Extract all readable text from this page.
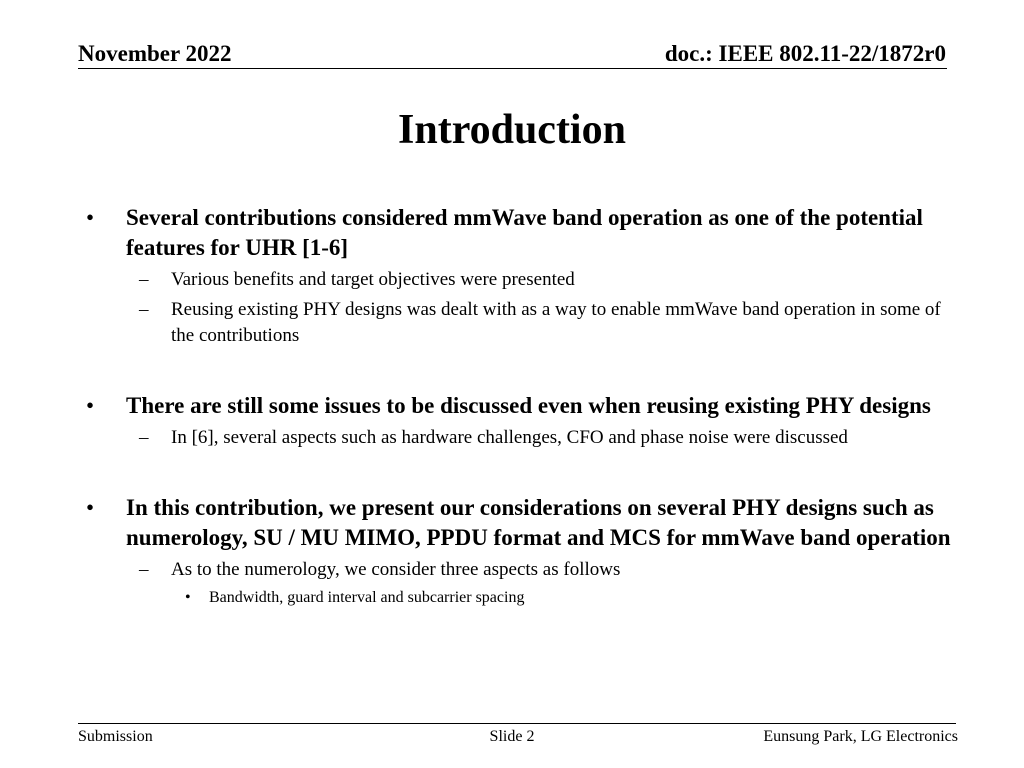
November 2022	doc.: IEEE 802.11-22/1872r0
Introduction
• Several contributions considered mmWave band operation as one of the potential features for UHR [1-6]
– Various benefits and target objectives were presented
– Reusing existing PHY designs was dealt with as a way to enable mmWave band operation in some of the contributions
• There are still some issues to be discussed even when reusing existing PHY designs
– In [6], several aspects such as hardware challenges, CFO and phase noise were discussed
• In this contribution, we present our considerations on several PHY designs such as numerology, SU / MU MIMO, PPDU format and MCS for mmWave band operation
– As to the numerology, we consider three aspects as follows
• Bandwidth, guard interval and subcarrier spacing
Submission	Slide 2	Eunsung Park, LG Electronics
